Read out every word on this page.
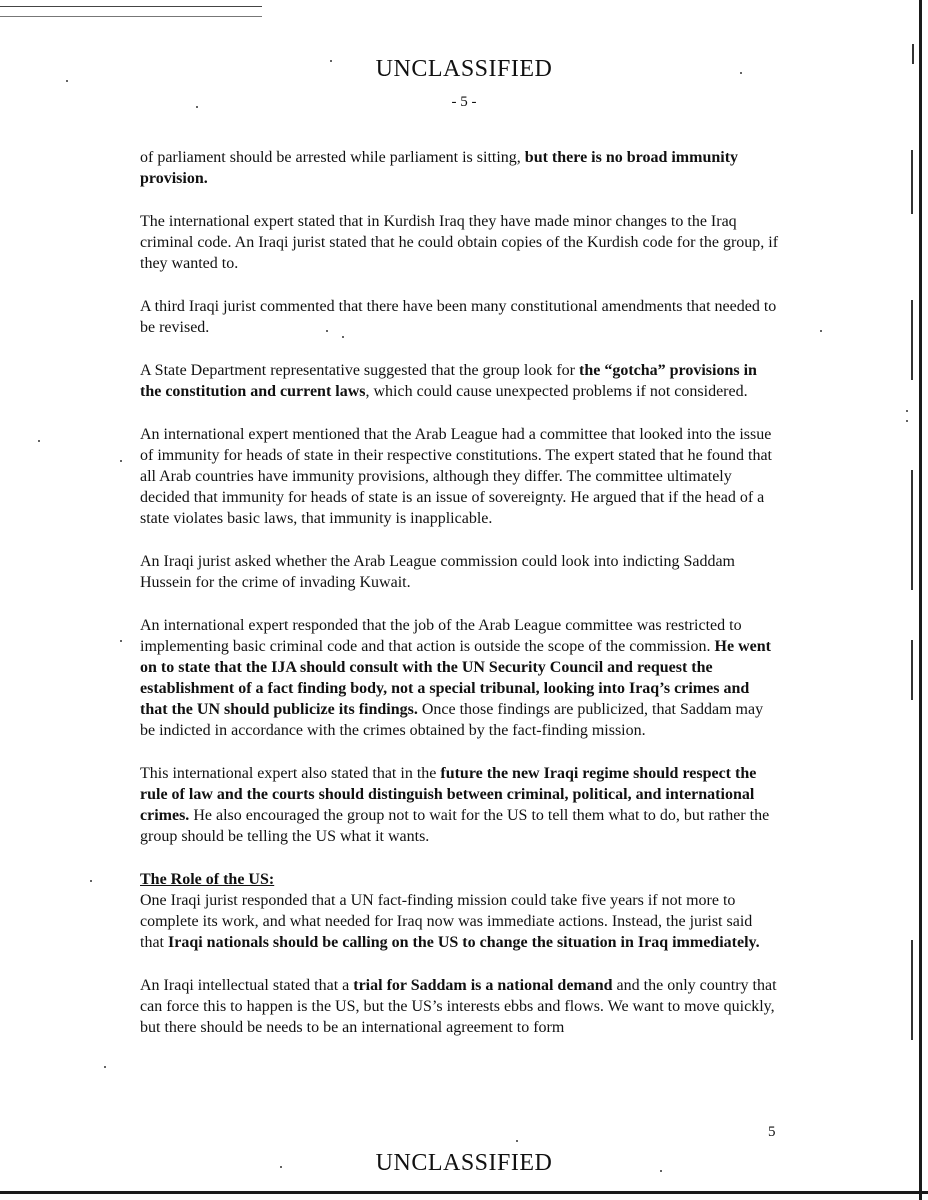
UNCLASSIFIED
- 5 -

of parliament should be arrested while parliament is sitting, but there is no broad immunity provision.

The international expert stated that in Kurdish Iraq they have made minor changes to the Iraq criminal code. An Iraqi jurist stated that he could obtain copies of the Kurdish code for the group, if they wanted to.

A third Iraqi jurist commented that there have been many constitutional amendments that needed to be revised.

A State Department representative suggested that the group look for the “gotcha” provisions in the constitution and current laws, which could cause unexpected problems if not considered.

An international expert mentioned that the Arab League had a committee that looked into the issue of immunity for heads of state in their respective constitutions. The expert stated that he found that all Arab countries have immunity provisions, although they differ. The committee ultimately decided that immunity for heads of state is an issue of sovereignty. He argued that if the head of a state violates basic laws, that immunity is inapplicable.

An Iraqi jurist asked whether the Arab League commission could look into indicting Saddam Hussein for the crime of invading Kuwait.

An international expert responded that the job of the Arab League committee was restricted to implementing basic criminal code and that action is outside the scope of the commission. He went on to state that the IJA should consult with the UN Security Council and request the establishment of a fact finding body, not a special tribunal, looking into Iraq’s crimes and that the UN should publicize its findings. Once those findings are publicized, that Saddam may be indicted in accordance with the crimes obtained by the fact-finding mission.

This international expert also stated that in the future the new Iraqi regime should respect the rule of law and the courts should distinguish between criminal, political, and international crimes. He also encouraged the group not to wait for the US to tell them what to do, but rather the group should be telling the US what it wants.

The Role of the US:

One Iraqi jurist responded that a UN fact-finding mission could take five years if not more to complete its work, and what needed for Iraq now was immediate actions. Instead, the jurist said that Iraqi nationals should be calling on the US to change the situation in Iraq immediately.

An Iraqi intellectual stated that a trial for Saddam is a national demand and the only country that can force this to happen is the US, but the US’s interests ebbs and flows. We want to move quickly, but there should be needs to be an international agreement to form

5
UNCLASSIFIED
